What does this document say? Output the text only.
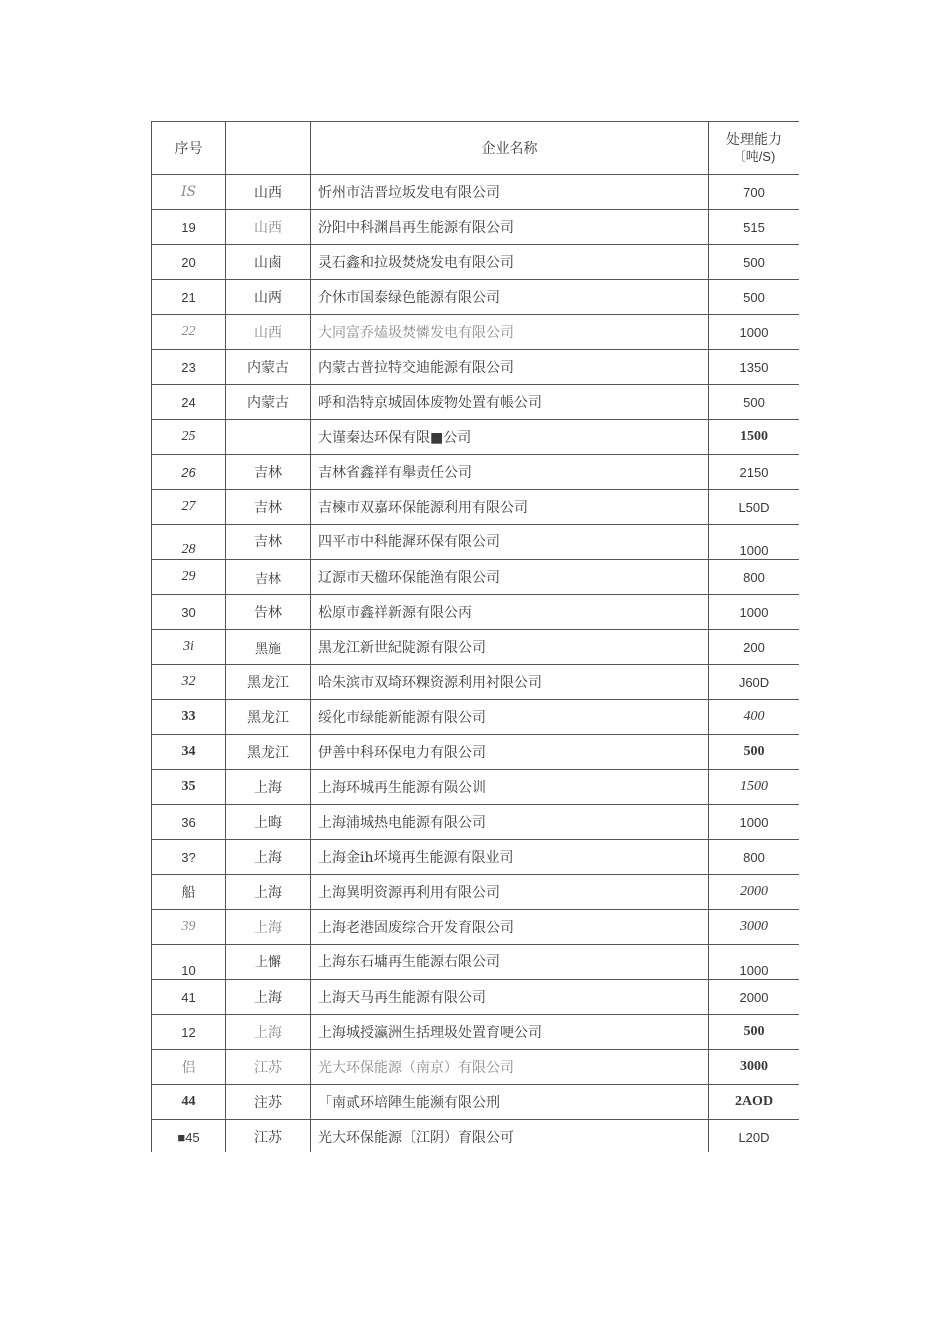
序号		企业名称	处理能力
〔吨/S)

IS	山西	忻州市洁晋垃坂发电有限公司	700
19	山西	汾阳中科渊昌再生能源有限公司	515
20	山鹵	灵石鑫和拉圾焚烧发电有限公司	500
21	山两	介休市国泰绿色能源有限公司	500
22	山西	大同富乔熆圾焚憐发电有限公司	1000
23	内蒙古	内蒙古普拉特交迪能源有限公司	1350
24	内蒙古	呼和浩特京城固体废物处置有帳公司	500
25		大谨秦达环保有限■公司	1500
26	吉林	吉林省鑫祥有舉责任公司	2150
27	吉林	吉楝市双嘉环保能源利用有限公司	L50D
28	吉林	四平市中科能漽环保有限公司	1000
29	吉林	辽源市天楹环保能渔有限公司	800
30	告林	松原市鑫祥新源有限公丙	1000
3i	黑施	黒龙江新世紀陡源有限公司	200
32	黑龙江	哈朱滨市双埼环粿资源利用衬限公司	J60D
33	黑龙江	绥化市绿能新能源有限公司	400
34	黑龙江	伊善中科环保电力有限公司	500
35	上海	上海环城再生能源有陨公训	1500
36	上晦	上海浦城热电能源有限公司	1000
3?	上海	上海金ih坏境再生能源有限业司	800
船	上海	上海異明资源再利用有限公司	2000
39	上海	上海老港固废综合开发育限公司	3000
10	上懈	上海东石墉再生能源右限公司	1000
41	上海	上海天马再生能源有限公司	2000
12	上海	上海城授瀛洲生括理圾处置育哽公司	500
侣	江苏	光大环保能源（南京）有限公司	3000
44	注苏	「南贰环培陣生能濒有限公刑	2AOD
■45	江苏	光大环保能源〔江阴）育限公可	L20D
